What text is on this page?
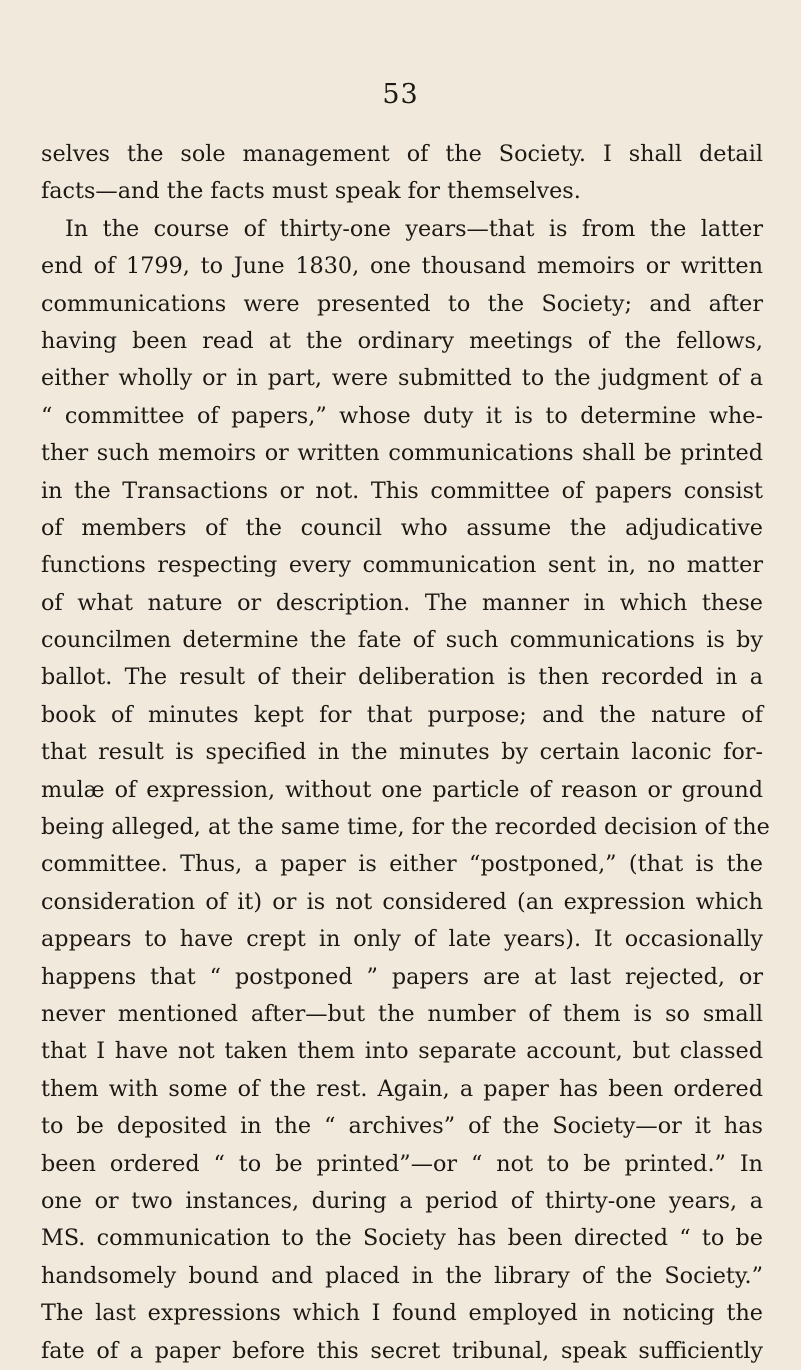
53
selves the sole management of the Society. I shall detail
facts—and the facts must speak for themselves.
In the course of thirty-one years—that is from the latter
end of 1799, to June 1830, one thousand memoirs or written
communications were presented to the Society; and after
having been read at the ordinary meetings of the fellows,
either wholly or in part, were submitted to the judgment of a
“ committee of papers,” whose duty it is to determine whe-
ther such memoirs or written communications shall be printed
in the Transactions or not. This committee of papers consist
of members of the council who assume the adjudicative
functions respecting every communication sent in, no matter
of what nature or description. The manner in which these
councilmen determine the fate of such communications is by
ballot. The result of their deliberation is then recorded in a
book of minutes kept for that purpose; and the nature of
that result is specified in the minutes by certain laconic for-
mulæ of expression, without one particle of reason or ground
being alleged, at the same time, for the recorded decision of the
committee. Thus, a paper is either “postponed,” (that is the
consideration of it) or is not considered (an expression which
appears to have crept in only of late years). It occasionally
happens that “ postponed ” papers are at last rejected, or
never mentioned after—but the number of them is so small
that I have not taken them into separate account, but classed
them with some of the rest. Again, a paper has been ordered
to be deposited in the “ archives” of the Society—or it has
been ordered “ to be printed”—or “ not to be printed.” In
one or two instances, during a period of thirty-one years, a
MS. communication to the Society has been directed “ to be
handsomely bound and placed in the library of the Society.”
The last expressions which I found employed in noticing the
fate of a paper before this secret tribunal, speak sufficiently
